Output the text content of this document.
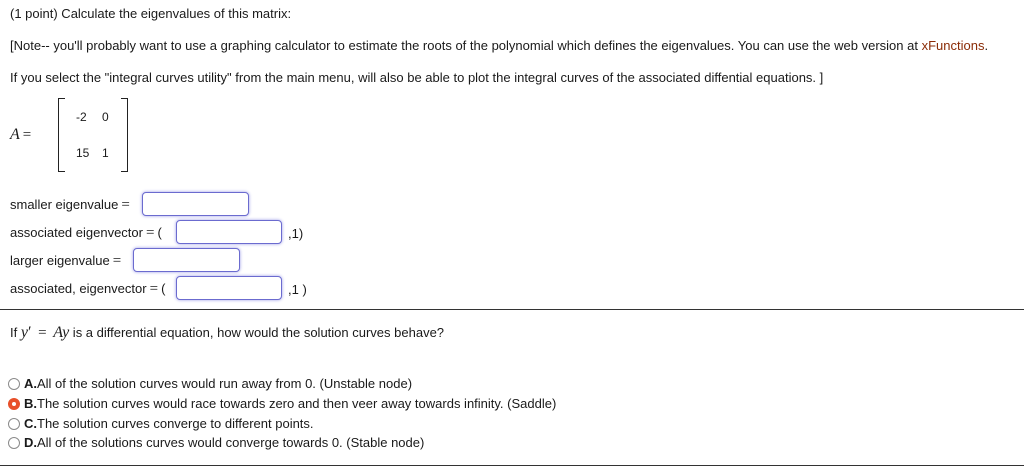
(1 point) Calculate the eigenvalues of this matrix:
[Note-- you'll probably want to use a graphing calculator to estimate the roots of the polynomial which defines the eigenvalues. You can use the web version at xFunctions.
If you select the "integral curves utility" from the main menu, will also be able to plot the integral curves of the associated diffential equations. ]
A =
-2 0
15 1
smaller eigenvalue =
associated eigenvector = (	,1)
larger eigenvalue =
associated, eigenvector = (	,1 )
If y′ = Ay is a differential equation, how would the solution curves behave?
A. All of the solution curves would run away from 0. (Unstable node)
B. The solution curves would race towards zero and then veer away towards infinity. (Saddle)
C. The solution curves converge to different points.
D. All of the solutions curves would converge towards 0. (Stable node)
